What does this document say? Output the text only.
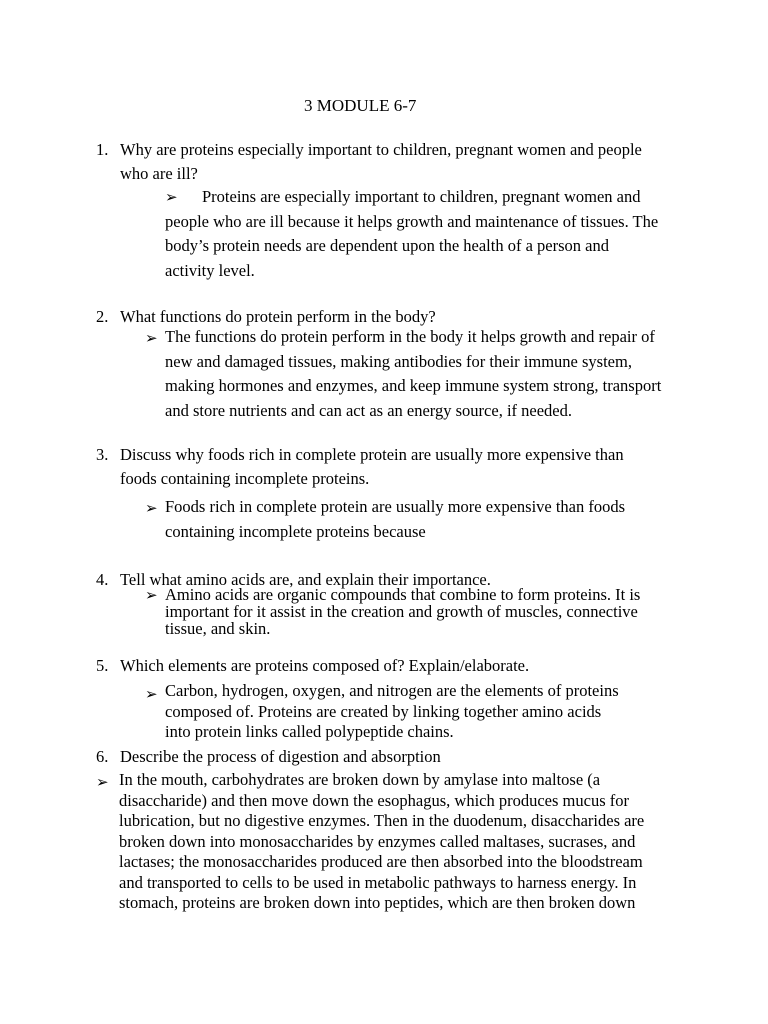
3 MODULE 6-7
1. Why are proteins especially important to children, pregnant women and people
who are ill?
➢	Proteins are especially important to children, pregnant women and
people who are ill because it helps growth and maintenance of tissues. The
body’s protein needs are dependent upon the health of a person and
activity level.
2. What functions do protein perform in the body?
➢ The functions do protein perform in the body it helps growth and repair of
new and damaged tissues, making antibodies for their immune system,
making hormones and enzymes, and keep immune system strong, transport
and store nutrients and can act as an energy source, if needed.
3. Discuss why foods rich in complete protein are usually more expensive than
foods containing incomplete proteins.
➢ Foods rich in complete protein are usually more expensive than foods
containing incomplete proteins because
4. Tell what amino acids are, and explain their importance.
➢ Amino acids are organic compounds that combine to form proteins. It is
important for it assist in the creation and growth of muscles, connective
tissue, and skin.
5. Which elements are proteins composed of? Explain/elaborate.
➢ Carbon, hydrogen, oxygen, and nitrogen are the elements of proteins
composed of. Proteins are created by linking together amino acids
into protein links called polypeptide chains.
6. Describe the process of digestion and absorption
➢ In the mouth, carbohydrates are broken down by amylase into maltose (a
disaccharide) and then move down the esophagus, which produces mucus for
lubrication, but no digestive enzymes. Then in the duodenum, disaccharides are
broken down into monosaccharides by enzymes called maltases, sucrases, and
lactases; the monosaccharides produced are then absorbed into the bloodstream
and transported to cells to be used in metabolic pathways to harness energy. In
stomach, proteins are broken down into peptides, which are then broken down
